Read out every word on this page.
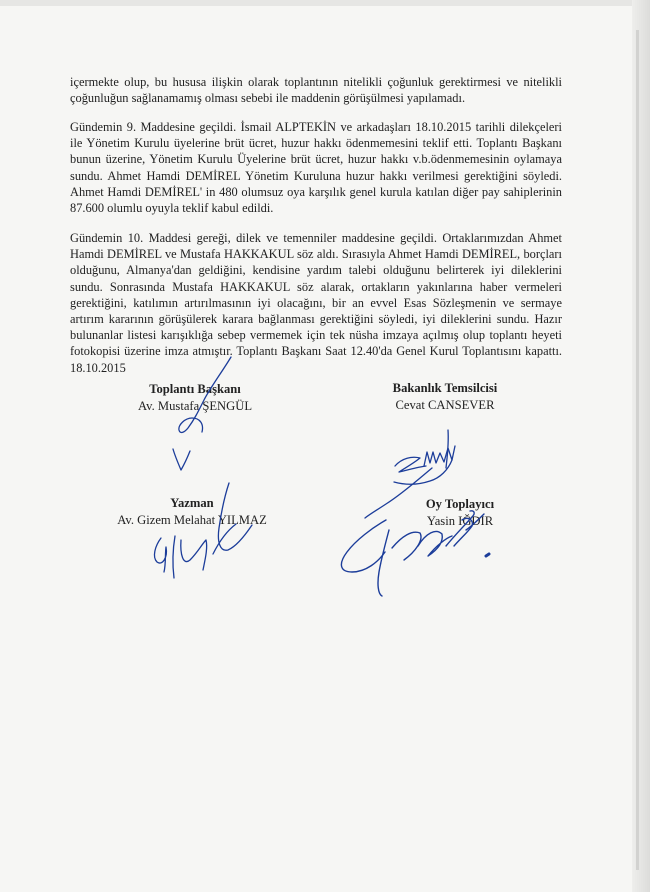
içermekte olup, bu hususa ilişkin olarak toplantının nitelikli çoğunluk gerektirmesi ve nitelikli çoğunluğun sağlanamamış olması sebebi ile maddenin görüşülmesi yapılamadı.

Gündemin 9. Maddesine geçildi. İsmail ALPTEKİN ve arkadaşları 18.10.2015 tarihli dilekçeleri ile Yönetim Kurulu üyelerine brüt ücret, huzur hakkı ödenmemesini teklif etti. Toplantı Başkanı bunun üzerine, Yönetim Kurulu Üyelerine brüt ücret, huzur hakkı v.b.ödenmemesinin oylamaya sundu. Ahmet Hamdi DEMİREL Yönetim Kuruluna huzur hakkı verilmesi gerektiğini söyledi. Ahmet Hamdi DEMİREL' in 480 olumsuz oya karşılık genel kurula katılan diğer pay sahiplerinin 87.600 olumlu oyuyla teklif kabul edildi.

Gündemin 10. Maddesi gereği, dilek ve temenniler maddesine geçildi. Ortaklarımızdan Ahmet Hamdi DEMİREL ve Mustafa HAKKAKUL söz aldı. Sırasıyla Ahmet Hamdi DEMİREL, borçları olduğunu, Almanya'dan geldiğini, kendisine yardım talebi olduğunu belirterek iyi dileklerini sundu. Sonrasında Mustafa HAKKAKUL söz alarak, ortakların yakınlarına haber vermeleri gerektiğini, katılımın artırılmasının iyi olacağını, bir an evvel Esas Sözleşmenin ve sermaye artırım kararının görüşülerek karara bağlanması gerektiğini söyledi, iyi dileklerini sundu. Hazır bulunanlar listesi karışıklığa sebep vermemek için tek nüsha imzaya açılmış olup toplantı heyeti fotokopisi üzerine imza atmıştır. Toplantı Başkanı Saat 12.40'da Genel Kurul Toplantısını kapattı. 18.10.2015

Toplantı Başkanı
Av. Mustafa ŞENGÜL
Bakanlık Temsilcisi
Cevat CANSEVER
Yazman
Av. Gizem Melahat YILMAZ
Oy Toplayıcı
Yasin IĞDIR
